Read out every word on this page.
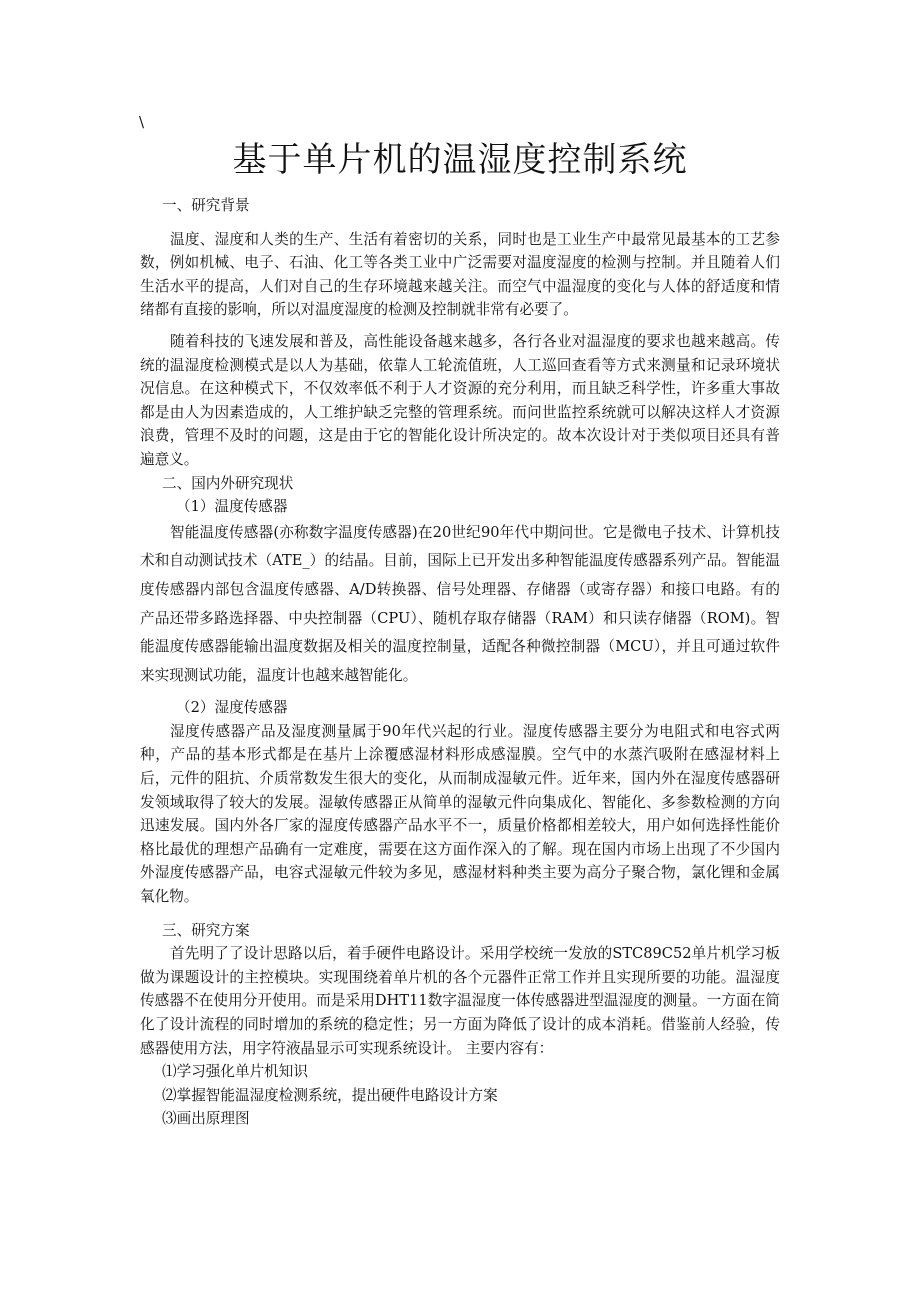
\
基于单片机的温湿度控制系统

一、研究背景

温度、湿度和人类的生产、生活有着密切的关系，同时也是工业生产中最常见最基本的工艺参数，例如机械、电子、石油、化工等各类工业中广泛需要对温度湿度的检测与控制。并且随着人们生活水平的提高，人们对自己的生存环境越来越关注。而空气中温湿度的变化与人体的舒适度和情绪都有直接的影响，所以对温度湿度的检测及控制就非常有必要了。

随着科技的飞速发展和普及，高性能设备越来越多，各行各业对温湿度的要求也越来越高。传统的温湿度检测模式是以人为基础，依靠人工轮流值班，人工巡回查看等方式来测量和记录环境状况信息。在这种模式下，不仅效率低不利于人才资源的充分利用，而且缺乏科学性，许多重大事故都是由人为因素造成的，人工维护缺乏完整的管理系统。而问世监控系统就可以解决这样人才资源浪费，管理不及时的问题，这是由于它的智能化设计所决定的。故本次设计对于类似项目还具有普遍意义。

二、国内外研究现状

（1）温度传感器

智能温度传感器(亦称数字温度传感器)在20世纪90年代中期问世。它是微电子技术、计算机技术和自动测试技术（ATE_）的结晶。目前，国际上已开发出多种智能温度传感器系列产品。智能温度传感器内部包含温度传感器、A/D转换器、信号处理器、存储器（或寄存器）和接口电路。有的产品还带多路选择器、中央控制器（CPU）、随机存取存储器（RAM）和只读存储器（ROM)。智能温度传感器能输出温度数据及相关的温度控制量，适配各种微控制器（MCU），并且可通过软件来实现测试功能，温度计也越来越智能化。

（2）湿度传感器

湿度传感器产品及湿度测量属于90年代兴起的行业。湿度传感器主要分为电阻式和电容式两种，产品的基本形式都是在基片上涂覆感湿材料形成感湿膜。空气中的水蒸汽吸附在感湿材料上后，元件的阻抗、介质常数发生很大的变化，从而制成湿敏元件。近年来，国内外在湿度传感器研发领域取得了较大的发展。湿敏传感器正从简单的湿敏元件向集成化、智能化、多参数检测的方向迅速发展。国内外各厂家的湿度传感器产品水平不一，质量价格都相差较大，用户如何选择性能价格比最优的理想产品确有一定难度，需要在这方面作深入的了解。现在国内市场上出现了不少国内外湿度传感器产品，电容式湿敏元件较为多见，感湿材料种类主要为高分子聚合物，氯化锂和金属氧化物。

三、研究方案

首先明了了设计思路以后，着手硬件电路设计。采用学校统一发放的STC89C52单片机学习板做为课题设计的主控模块。实现围绕着单片机的各个元器件正常工作并且实现所要的功能。温湿度传感器不在使用分开使用。而是采用DHT11数字温湿度一体传感器进型温湿度的测量。一方面在简化了设计流程的同时增加的系统的稳定性；另一方面为降低了设计的成本消耗。借鉴前人经验，传感器使用方法，用字符液晶显示可实现系统设计。 主要内容有：

⑴学习强化单片机知识

⑵掌握智能温湿度检测系统，提出硬件电路设计方案

⑶画出原理图
